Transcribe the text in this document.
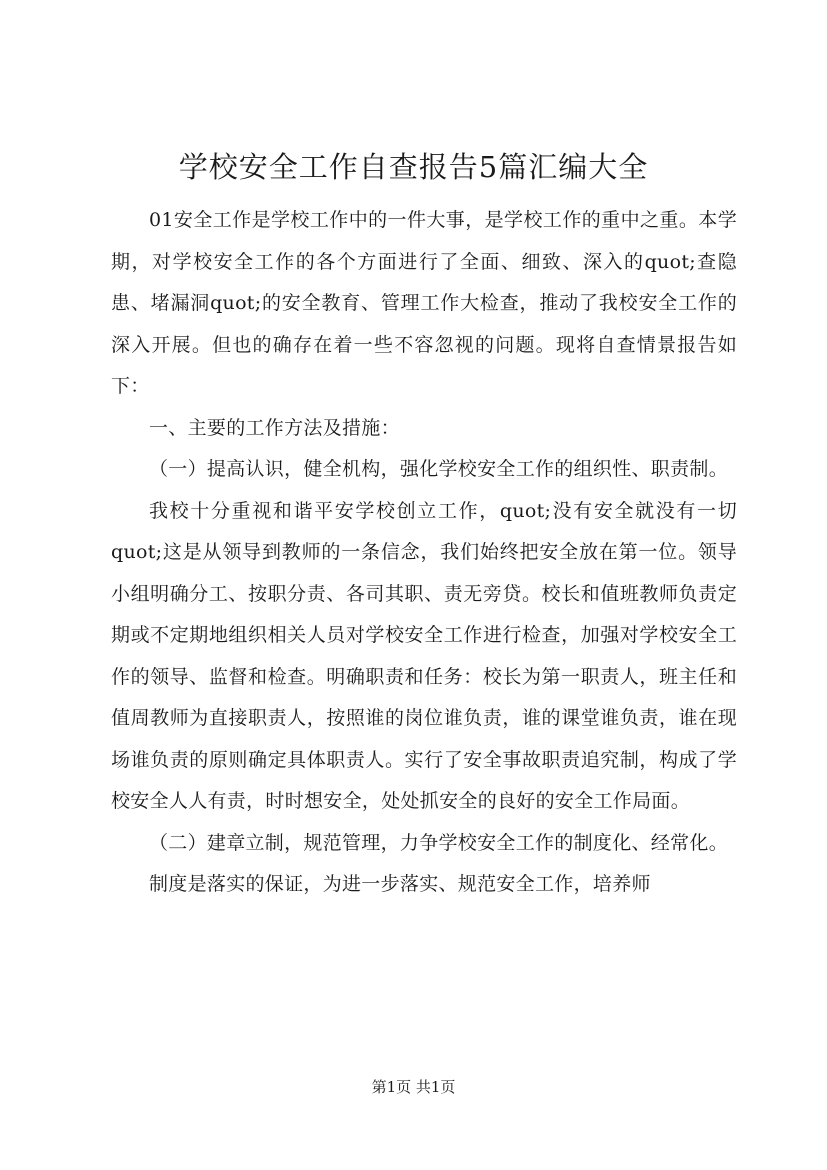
学校安全工作自查报告5篇汇编大全

01安全工作是学校工作中的一件大事，是学校工作的重中之重。本学期，对学校安全工作的各个方面进行了全面、细致、深入的quot;查隐患、堵漏洞quot;的安全教育、管理工作大检查，推动了我校安全工作的深入开展。但也的确存在着一些不容忽视的问题。现将自查情景报告如下：

一、主要的工作方法及措施：

（一）提高认识，健全机构，强化学校安全工作的组织性、职责制。

我校十分重视和谐平安学校创立工作，quot;没有安全就没有一切quot;这是从领导到教师的一条信念，我们始终把安全放在第一位。领导小组明确分工、按职分责、各司其职、责无旁贷。校长和值班教师负责定期或不定期地组织相关人员对学校安全工作进行检查，加强对学校安全工作的领导、监督和检查。明确职责和任务：校长为第一职责人，班主任和值周教师为直接职责人，按照谁的岗位谁负责，谁的课堂谁负责，谁在现场谁负责的原则确定具体职责人。实行了安全事故职责追究制，构成了学校安全人人有责，时时想安全，处处抓安全的良好的安全工作局面。

（二）建章立制，规范管理，力争学校安全工作的制度化、经常化。

制度是落实的保证，为进一步落实、规范安全工作，培养师

第1页 共1页
